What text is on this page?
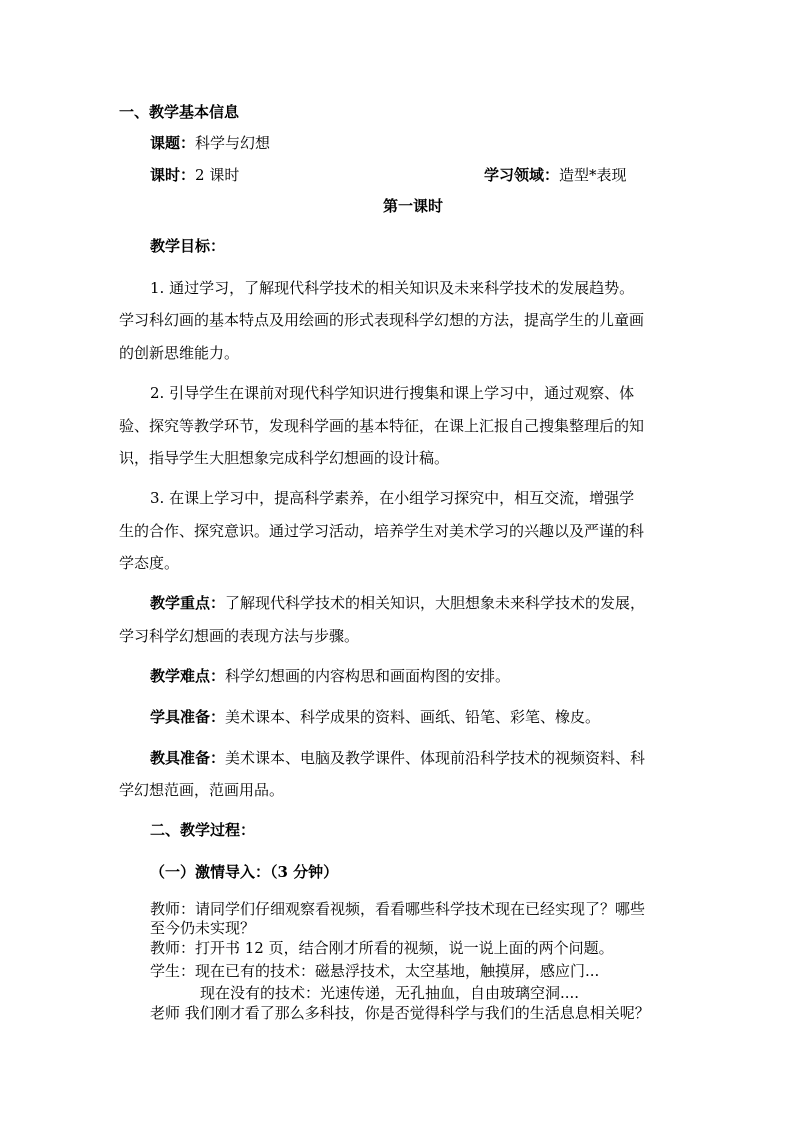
一、教学基本信息
课题：科学与幻想
课时：2 课时	学习领域：造型*表现
第一课时
教学目标：
1. 通过学习，了解现代科学技术的相关知识及未来科学技术的发展趋势。
学习科幻画的基本特点及用绘画的形式表现科学幻想的方法，提高学生的儿童画
的创新思维能力。
2. 引导学生在课前对现代科学知识进行搜集和课上学习中，通过观察、体
验、探究等教学环节，发现科学画的基本特征，在课上汇报自己搜集整理后的知
识，指导学生大胆想象完成科学幻想画的设计稿。
3. 在课上学习中，提高科学素养，在小组学习探究中，相互交流，增强学
生的合作、探究意识。通过学习活动，培养学生对美术学习的兴趣以及严谨的科
学态度。
教学重点：了解现代科学技术的相关知识，大胆想象未来科学技术的发展，
学习科学幻想画的表现方法与步骤。
教学难点：科学幻想画的内容构思和画面构图的安排。
学具准备：美术课本、科学成果的资料、画纸、铅笔、彩笔、橡皮。
教具准备：美术课本、电脑及教学课件、体现前沿科学技术的视频资料、科
学幻想范画，范画用品。
二、教学过程：
（一）激情导入：（3 分钟）
教师：请同学们仔细观察看视频，看看哪些科学技术现在已经实现了？哪些
至今仍未实现？
教师：打开书 12 页，结合刚才所看的视频，说一说上面的两个问题。
学生：现在已有的技术：磁悬浮技术，太空基地，触摸屏，感应门...
现在没有的技术：光速传递，无孔抽血，自由玻璃空洞....
老师 我们刚才看了那么多科技，你是否觉得科学与我们的生活息息相关呢？
